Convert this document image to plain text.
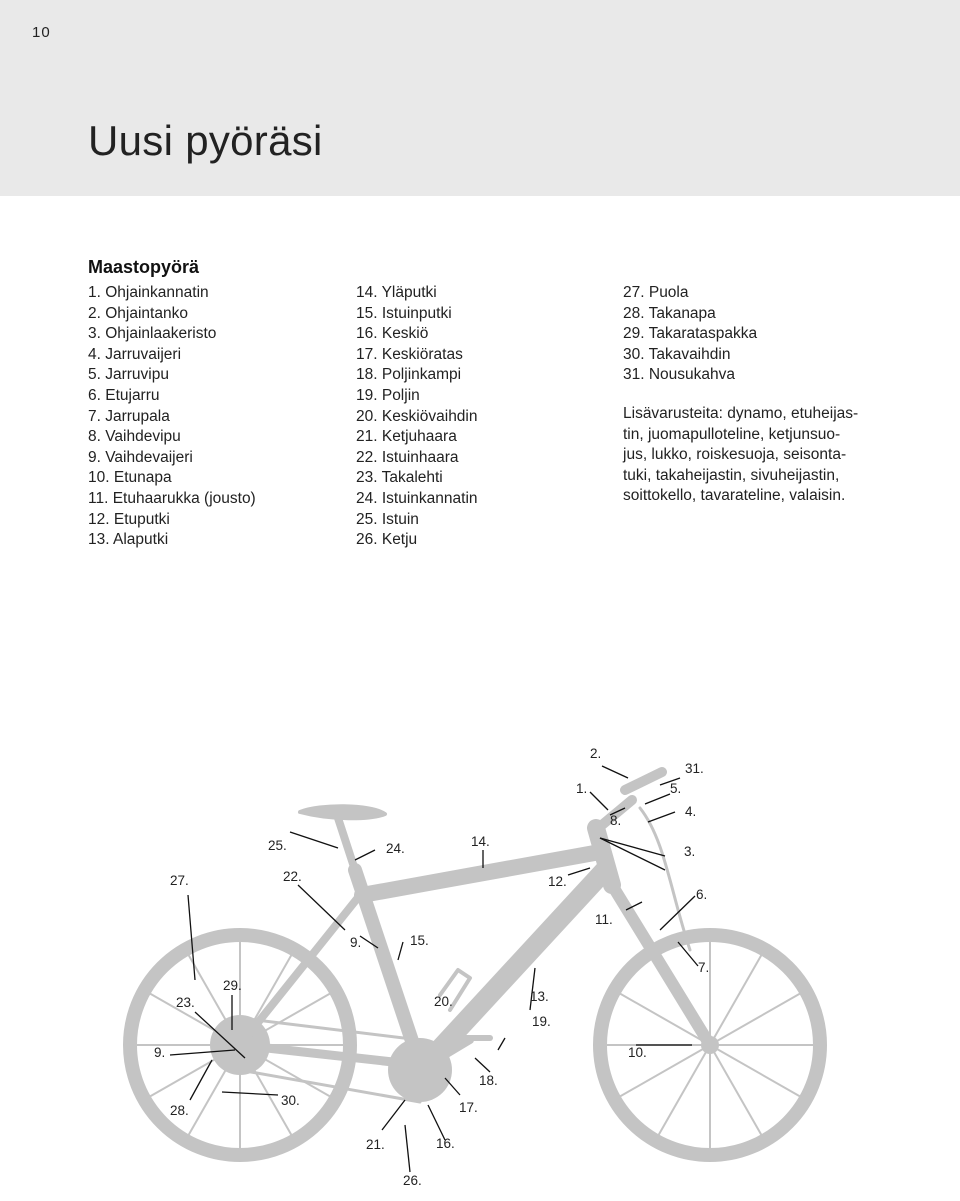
10
Uusi pyöräsi
Maastopyörä
1. Ohjainkannatin
2. Ohjaintanko
3. Ohjainlaakeristo
4. Jarruvaijeri
5. Jarruvipu
6. Etujarru
7. Jarrupala
8. Vaihdevipu
9. Vaihdevaijeri
10. Etunapa
11. Etuhaarukka (jousto)
12. Etuputki
13. Alaputki
14. Yläputki
15. Istuinputki
16. Keskiö
17. Keskiöratas
18. Poljinkampi
19. Poljin
20. Keskiövaihdin
21. Ketjuhaara
22. Istuinhaara
23. Takalehti
24. Istuinkannatin
25. Istuin
26. Ketju
27. Puola
28. Takanapa
29. Takarataspakka
30. Takavaihdin
31. Nousukahva

Lisävarusteita: dynamo, etuheijas-
tin, juomapulloteline, ketjunsuo-
jus, lukko, roiskesuoja, seisonta-
tuki, takaheijastin, sivuheijastin,
soittokello, tavarateline, valaisin.

1.
2.
3.
4.
5.
6.
7.
8.
9.
9.
10.
11.
12.
13.
14.
15.
16.
17.
18.
19.
20.
21.
22.
23.
24.
25.
26.
27.
28.
29.
30.
31.
